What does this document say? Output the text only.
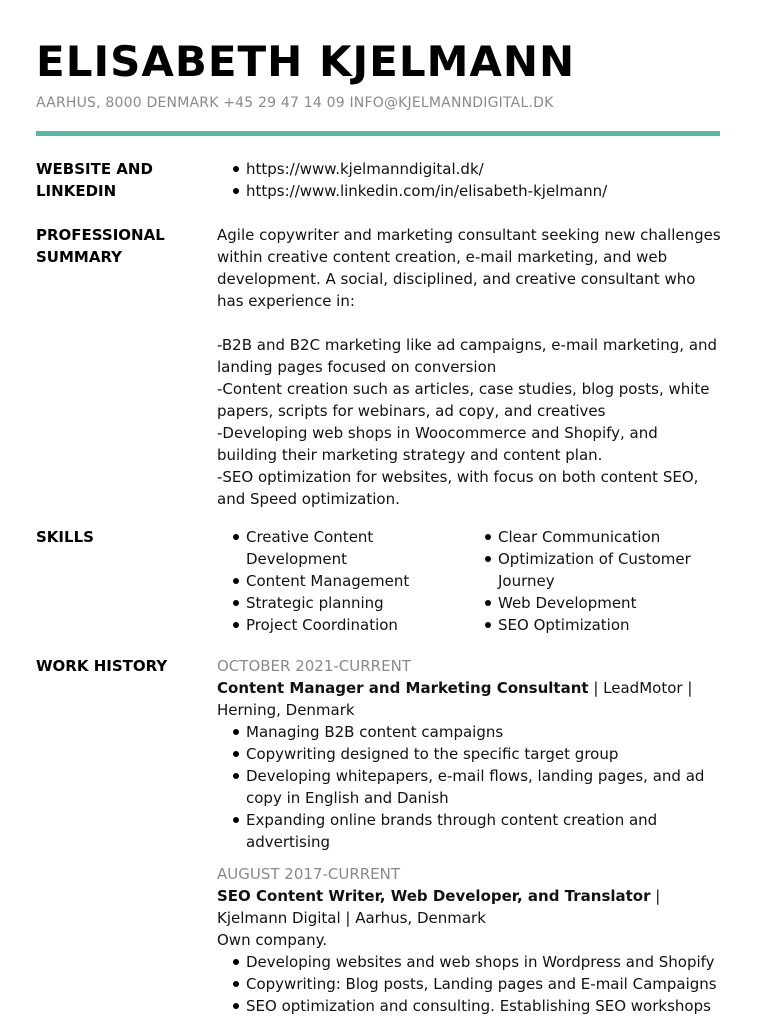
ELISABETH KJELMANN
AARHUS, 8000 DENMARK +45 29 47 14 09 INFO@KJELMANNDIGITAL.DK
WEBSITE AND LINKEDIN
https://www.kjelmanndigital.dk/
https://www.linkedin.com/in/elisabeth-kjelmann/
PROFESSIONAL SUMMARY

Agile copywriter and marketing consultant seeking new challenges within creative content creation, e-mail marketing, and web development. A social, disciplined, and creative consultant who has experience in:

-B2B and B2C marketing like ad campaigns, e-mail marketing, and landing pages focused on conversion

-Content creation such as articles, case studies, blog posts, white papers, scripts for webinars, ad copy, and creatives

-Developing web shops in Woocommerce and Shopify, and building their marketing strategy and content plan.

-SEO optimization for websites, with focus on both content SEO, and Speed optimization.

SKILLS	Creative Content Development
Content Management
Strategic planning
Project Coordination
Clear Communication
Optimization of Customer Journey
Web Development
SEO Optimization
WORK HISTORY	OCTOBER 2021-CURRENT
Content Manager and Marketing Consultant | LeadMotor | Herning, Denmark
Managing B2B content campaigns
Copywriting designed to the specific target group
Developing whitepapers, e-mail flows, landing pages, and ad copy in English and Danish
Expanding online brands through content creation and advertising
AUGUST 2017-CURRENT
SEO Content Writer, Web Developer, and Translator | Kjelmann Digital | Aarhus, Denmark
Own company.
Developing websites and web shops in Wordpress and Shopify
Copywriting: Blog posts, Landing pages and E-mail Campaigns
SEO optimization and consulting. Establishing SEO workshops
